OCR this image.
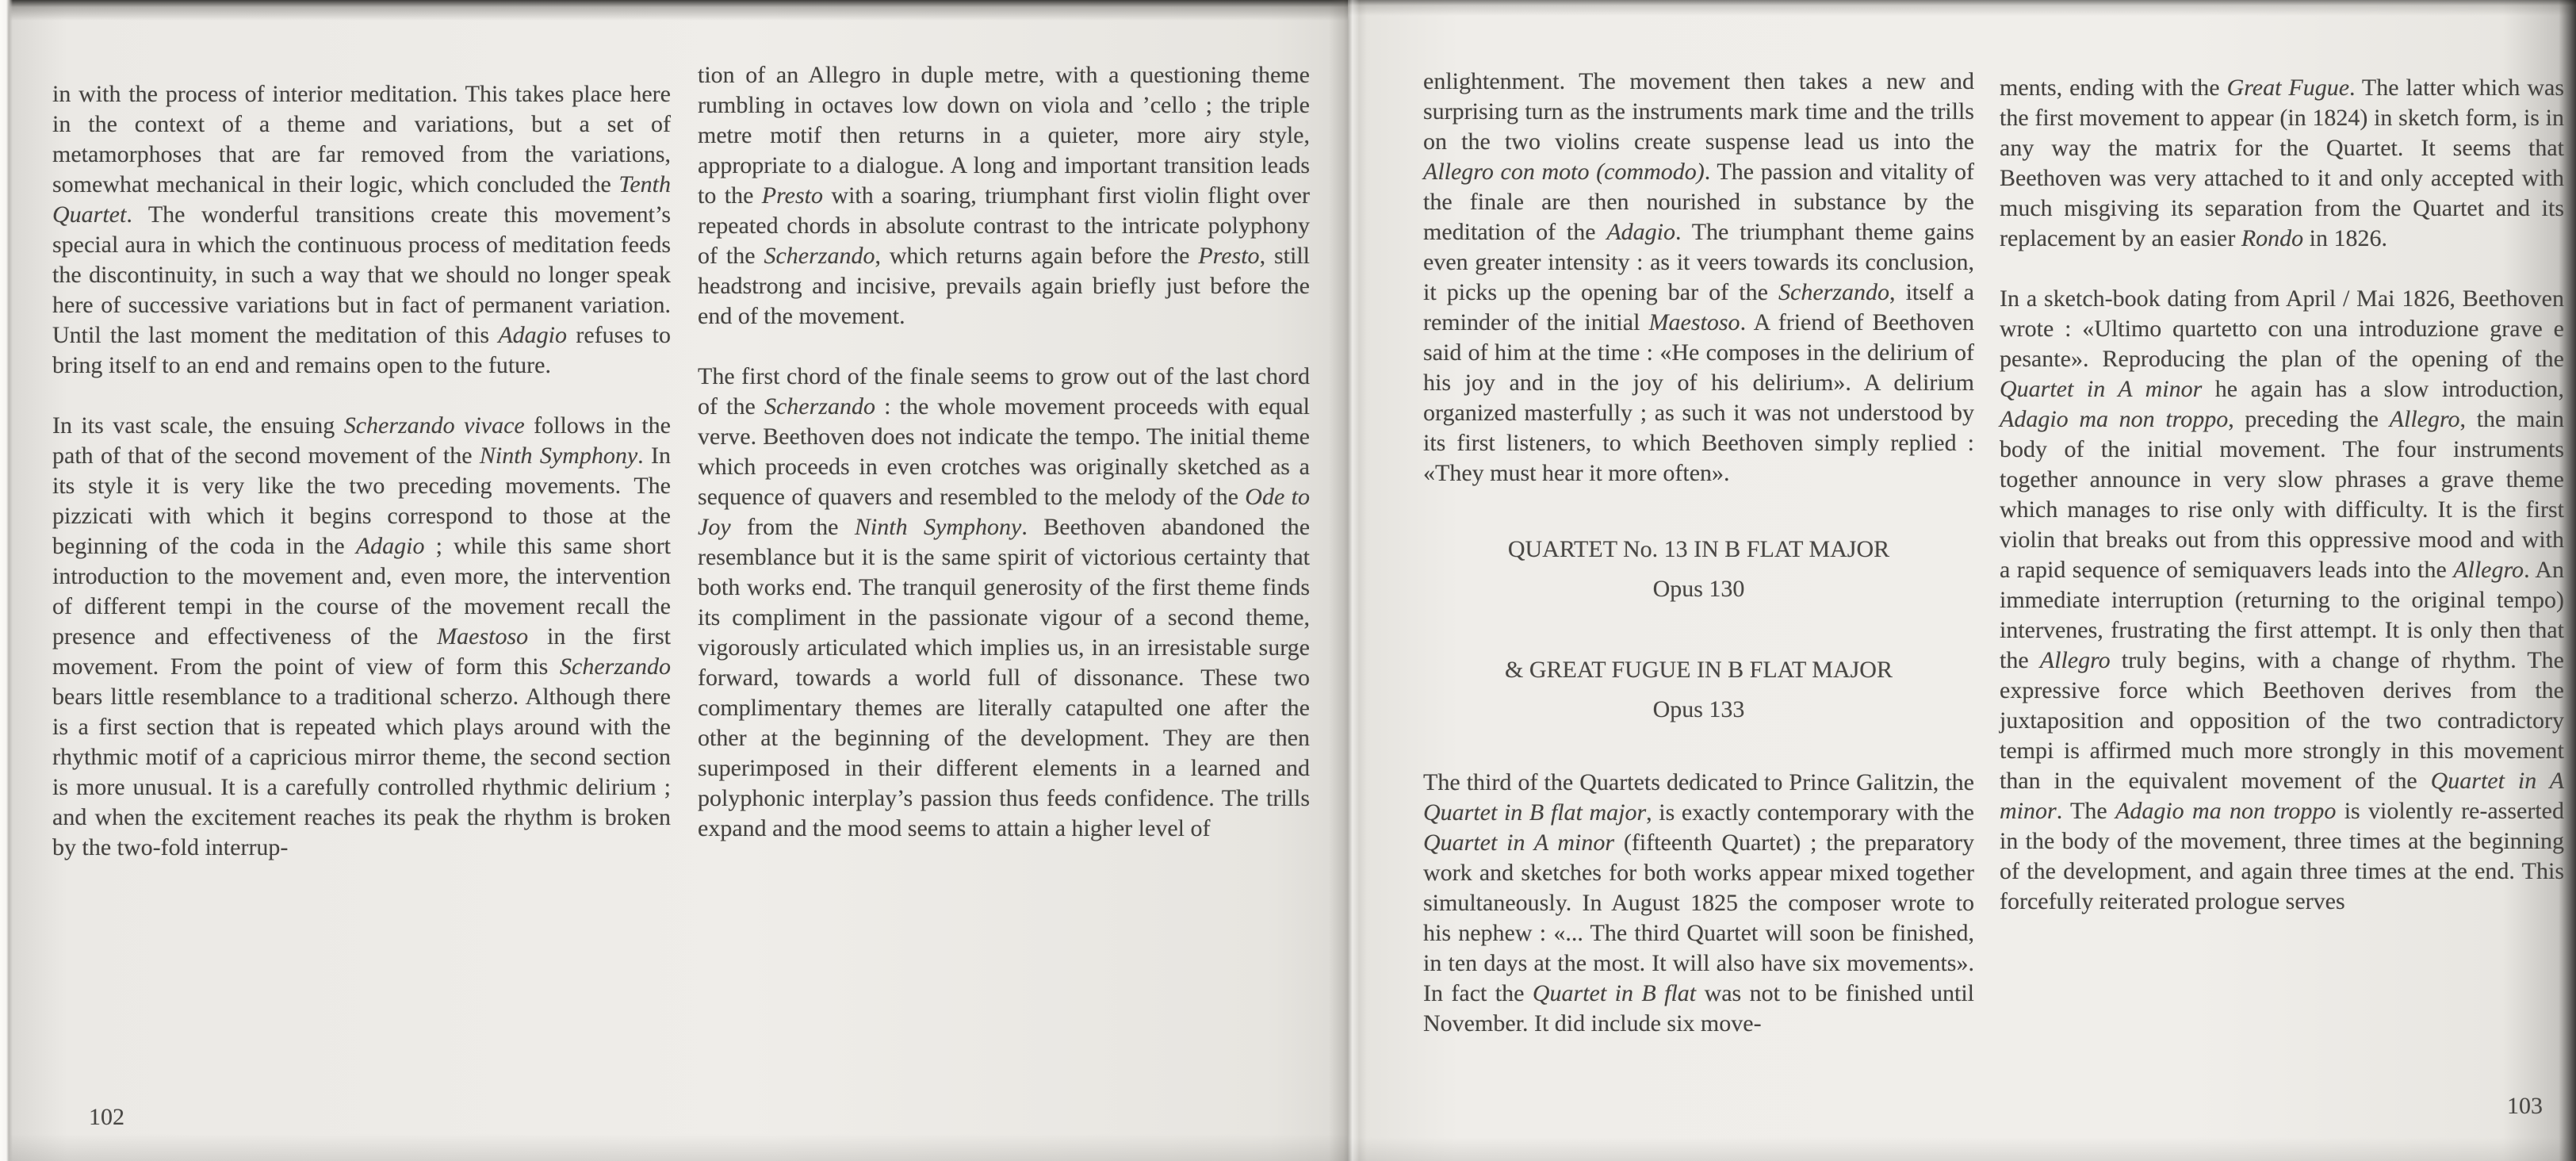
in with the process of interior meditation. This takes place here in the context of a theme and variations, but a set of metamorphoses that are far removed from the variations, somewhat mechanical in their logic, which concluded the Tenth Quartet. The wonderful transitions create this movement’s special aura in which the continuous process of meditation feeds the discontinuity, in such a way that we should no longer speak here of successive variations but in fact of permanent variation. Until the last moment the meditation of this Adagio refuses to bring itself to an end and remains open to the future.

In its vast scale, the ensuing Scherzando vivace follows in the path of that of the second movement of the Ninth Symphony. In its style it is very like the two preceding movements. The pizzicati with which it begins correspond to those at the beginning of the coda in the Adagio ; while this same short introduction to the movement and, even more, the intervention of different tempi in the course of the movement recall the presence and effectiveness of the Maestoso in the first movement. From the point of view of form this Scherzando bears little resemblance to a traditional scherzo. Although there is a first section that is repeated which plays around with the rhythmic motif of a capricious mirror theme, the second section is more unusual. It is a carefully controlled rhythmic delirium ; and when the excitement reaches its peak the rhythm is broken by the two-fold interrup-

tion of an Allegro in duple metre, with a questioning theme rumbling in octaves low down on viola and ’cello ; the triple metre motif then returns in a quieter, more airy style, appropriate to a dialogue. A long and important transition leads to the Presto with a soaring, triumphant first violin flight over repeated chords in absolute contrast to the intricate polyphony of the Scherzando, which returns again before the Presto, still headstrong and incisive, prevails again briefly just before the end of the movement.

The first chord of the finale seems to grow out of the last chord of the Scherzando : the whole movement proceeds with equal verve. Beethoven does not indicate the tempo. The initial theme which proceeds in even crotches was originally sketched as a sequence of quavers and resembled to the melody of the Ode to Joy from the Ninth Symphony. Beethoven abandoned the resemblance but it is the same spirit of victorious certainty that both works end. The tranquil generosity of the first theme finds its compliment in the passionate vigour of a second theme, vigorously articulated which implies us, in an irresistable surge forward, towards a world full of dissonance. These two complimentary themes are literally catapulted one after the other at the beginning of the development. They are then superimposed in their different elements in a learned and polyphonic interplay’s passion thus feeds confidence. The trills expand and the mood seems to attain a higher level of

102

enlightenment. The movement then takes a new and surprising turn as the instruments mark time and the trills on the two violins create suspense lead us into the Allegro con moto (commodo). The passion and vitality of the finale are then nourished in substance by the meditation of the Adagio. The triumphant theme gains even greater intensity : as it veers towards its conclusion, it picks up the opening bar of the Scherzando, itself a reminder of the initial Maestoso. A friend of Beethoven said of him at the time : «He composes in the delirium of his joy and in the joy of his delirium». A delirium organized masterfully ; as such it was not understood by its first listeners, to which Beethoven simply replied : «They must hear it more often».

QUARTET No. 13 IN B FLAT MAJOR
Opus 130
& GREAT FUGUE IN B FLAT MAJOR
Opus 133

The third of the Quartets dedicated to Prince Galitzin, the Quartet in B flat major, is exactly contemporary with the Quartet in A minor (fifteenth Quartet) ; the preparatory work and sketches for both works appear mixed together simultaneously. In August 1825 the composer wrote to his nephew : «... The third Quartet will soon be finished, in ten days at the most. It will also have six movements». In fact the Quartet in B flat was not to be finished until November. It did include six move-

ments, ending with the Great Fugue. The latter which was the first movement to appear (in 1824) in sketch form, is in any way the matrix for the Quartet. It seems that Beethoven was very attached to it and only accepted with much misgiving its separation from the Quartet and its replacement by an easier Rondo in 1826.

In a sketch-book dating from April / Mai 1826, Beethoven wrote : «Ultimo quartetto con una introduzione grave e pesante». Reproducing the plan of the opening of the Quartet in A minor he again has a slow introduction, Adagio ma non troppo, preceding the Allegro, the main body of the initial movement. The four instruments together announce in very slow phrases a grave theme which manages to rise only with difficulty. It is the first violin that breaks out from this oppressive mood and with a rapid sequence of semiquavers leads into the Allegro. An immediate interruption (returning to the original tempo) intervenes, frustrating the first attempt. It is only then that the Allegro truly begins, with a change of rhythm. The expressive force which Beethoven derives from the juxtaposition and opposition of the two contradictory tempi is affirmed much more strongly in this movement than in the equivalent movement of the Quartet in A minor. The Adagio ma non troppo is violently re-asserted in the body of the movement, three times at the beginning of the development, and again three times at the end. This forcefully reiterated prologue serves

103
